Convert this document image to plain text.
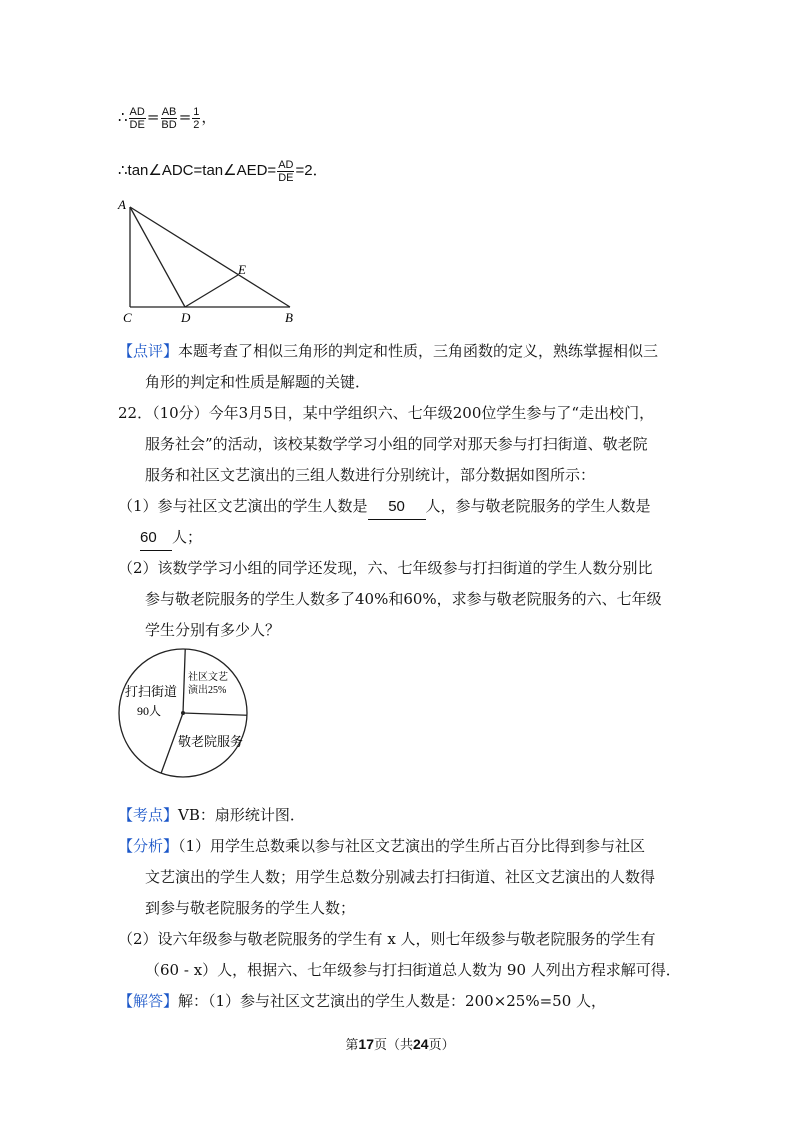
∴ $\frac{AD}{DE} = \frac{AB}{BD} = \frac{1}{2}$ ，
∴tan∠ADC=tan∠AED= $\frac{AD}{DE} =2$．
A
C	D	B
E
【点评】本题考查了相似三角形的判定和性质，三角函数的定义，熟练掌握相似三
角形的判定和性质是解题的关键．
22．（10分）今年3月5日，某中学组织六、七年级200位学生参与了“走出校门，
服务社会”的活动，该校某数学学习小组的同学对那天参与打扫街道、敬老院
服务和社区文艺演出的三组人数进行分别统计，部分数据如图所示：
（1）参与社区文艺演出的学生人数是 50 人，参与敬老院服务的学生人数是
60 人；
（2）该数学学习小组的同学还发现，六、七年级参与打扫街道的学生人数分别比
参与敬老院服务的学生人数多了40%和60%，求参与敬老院服务的六、七年级
学生分别有多少人？
打扫街道
90人
社区文艺
演出25%
敬老院服务
【考点】VB：扇形统计图．
【分析】（1）用学生总数乘以参与社区文艺演出的学生所占百分比得到参与社区
文艺演出的学生人数；用学生总数分别减去打扫街道、社区文艺演出的人数得
到参与敬老院服务的学生人数；
（2）设六年级参与敬老院服务的学生有 x 人，则七年级参与敬老院服务的学生有
（60 - x）人，根据六、七年级参与打扫街道总人数为 90 人列出方程求解可得．
【解答】解：（1）参与社区文艺演出的学生人数是：200×25%=50 人，
第17页（共24页）
